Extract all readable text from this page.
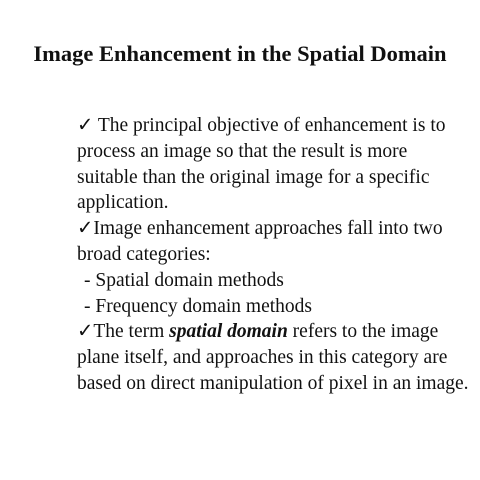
Image Enhancement in the Spatial Domain
✓ The principal objective of enhancement is to
process an image so that the result is more
suitable than the original image for a specific
application.
✓Image enhancement approaches fall into two
broad categories:
- Spatial domain methods
- Frequency domain methods
✓The term spatial domain refers to the image
plane itself, and approaches in this category are
based on direct manipulation of pixel in an image.
